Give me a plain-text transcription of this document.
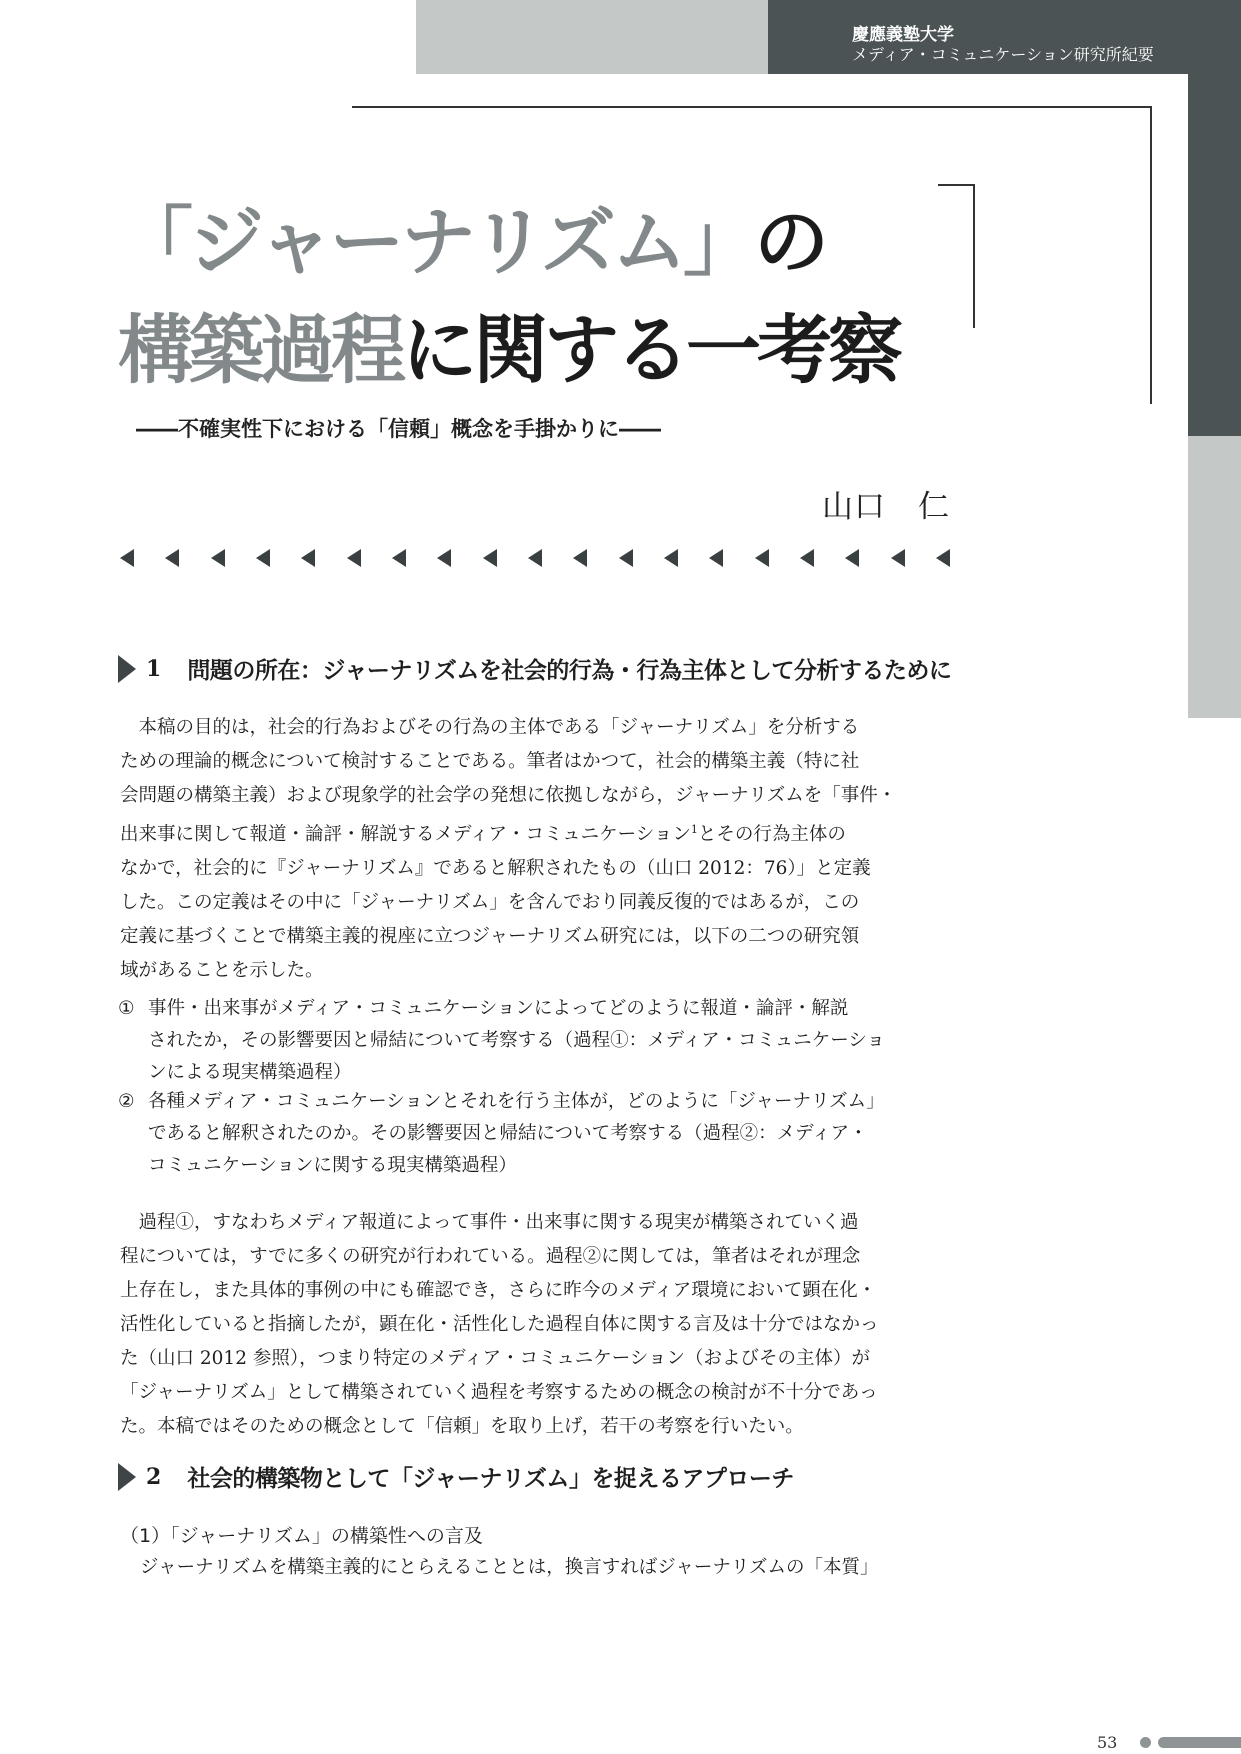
慶應義塾大学
メディア・コミュニケーション研究所紀要
「ジャーナリズム」の
構築過程に関する一考察
――不確実性下における「信頼」概念を手掛かりに――
山口　仁
1 問題の所在：ジャーナリズムを社会的行為・行為主体として分析するために
　本稿の目的は，社会的行為およびその行為の主体である「ジャーナリズム」を分析する
ための理論的概念について検討することである。筆者はかつて，社会的構築主義（特に社
会問題の構築主義）および現象学的社会学の発想に依拠しながら，ジャーナリズムを「事件・
出来事に関して報道・論評・解説するメディア・コミュニケーション$^1$とその行為主体の
なかで，社会的に『ジャーナリズム』であると解釈されたもの（山口 2012：76）」と定義
した。この定義はその中に「ジャーナリズム」を含んでおり同義反復的ではあるが，この
定義に基づくことで構築主義的視座に立つジャーナリズム研究には，以下の二つの研究領
域があることを示した。
① 事件・出来事がメディア・コミュニケーションによってどのように報道・論評・解説
されたか，その影響要因と帰結について考察する（過程①：メディア・コミュニケーショ
ンによる現実構築過程）
② 各種メディア・コミュニケーションとそれを行う主体が，どのように「ジャーナリズム」
であると解釈されたのか。その影響要因と帰結について考察する（過程②：メディア・
コミュニケーションに関する現実構築過程）
　過程①，すなわちメディア報道によって事件・出来事に関する現実が構築されていく過
程については，すでに多くの研究が行われている。過程②に関しては，筆者はそれが理念
上存在し，また具体的事例の中にも確認でき，さらに昨今のメディア環境において顕在化・
活性化していると指摘したが，顕在化・活性化した過程自体に関する言及は十分ではなかっ
た（山口 2012 参照），つまり特定のメディア・コミュニケーション（およびその主体）が
「ジャーナリズム」として構築されていく過程を考察するための概念の検討が不十分であっ
た。本稿ではそのための概念として「信頼」を取り上げ，若干の考察を行いたい。
2 社会的構築物として「ジャーナリズム」を捉えるアプローチ
（1）「ジャーナリズム」の構築性への言及
ジャーナリズムを構築主義的にとらえることとは，換言すればジャーナリズムの「本質」
53
